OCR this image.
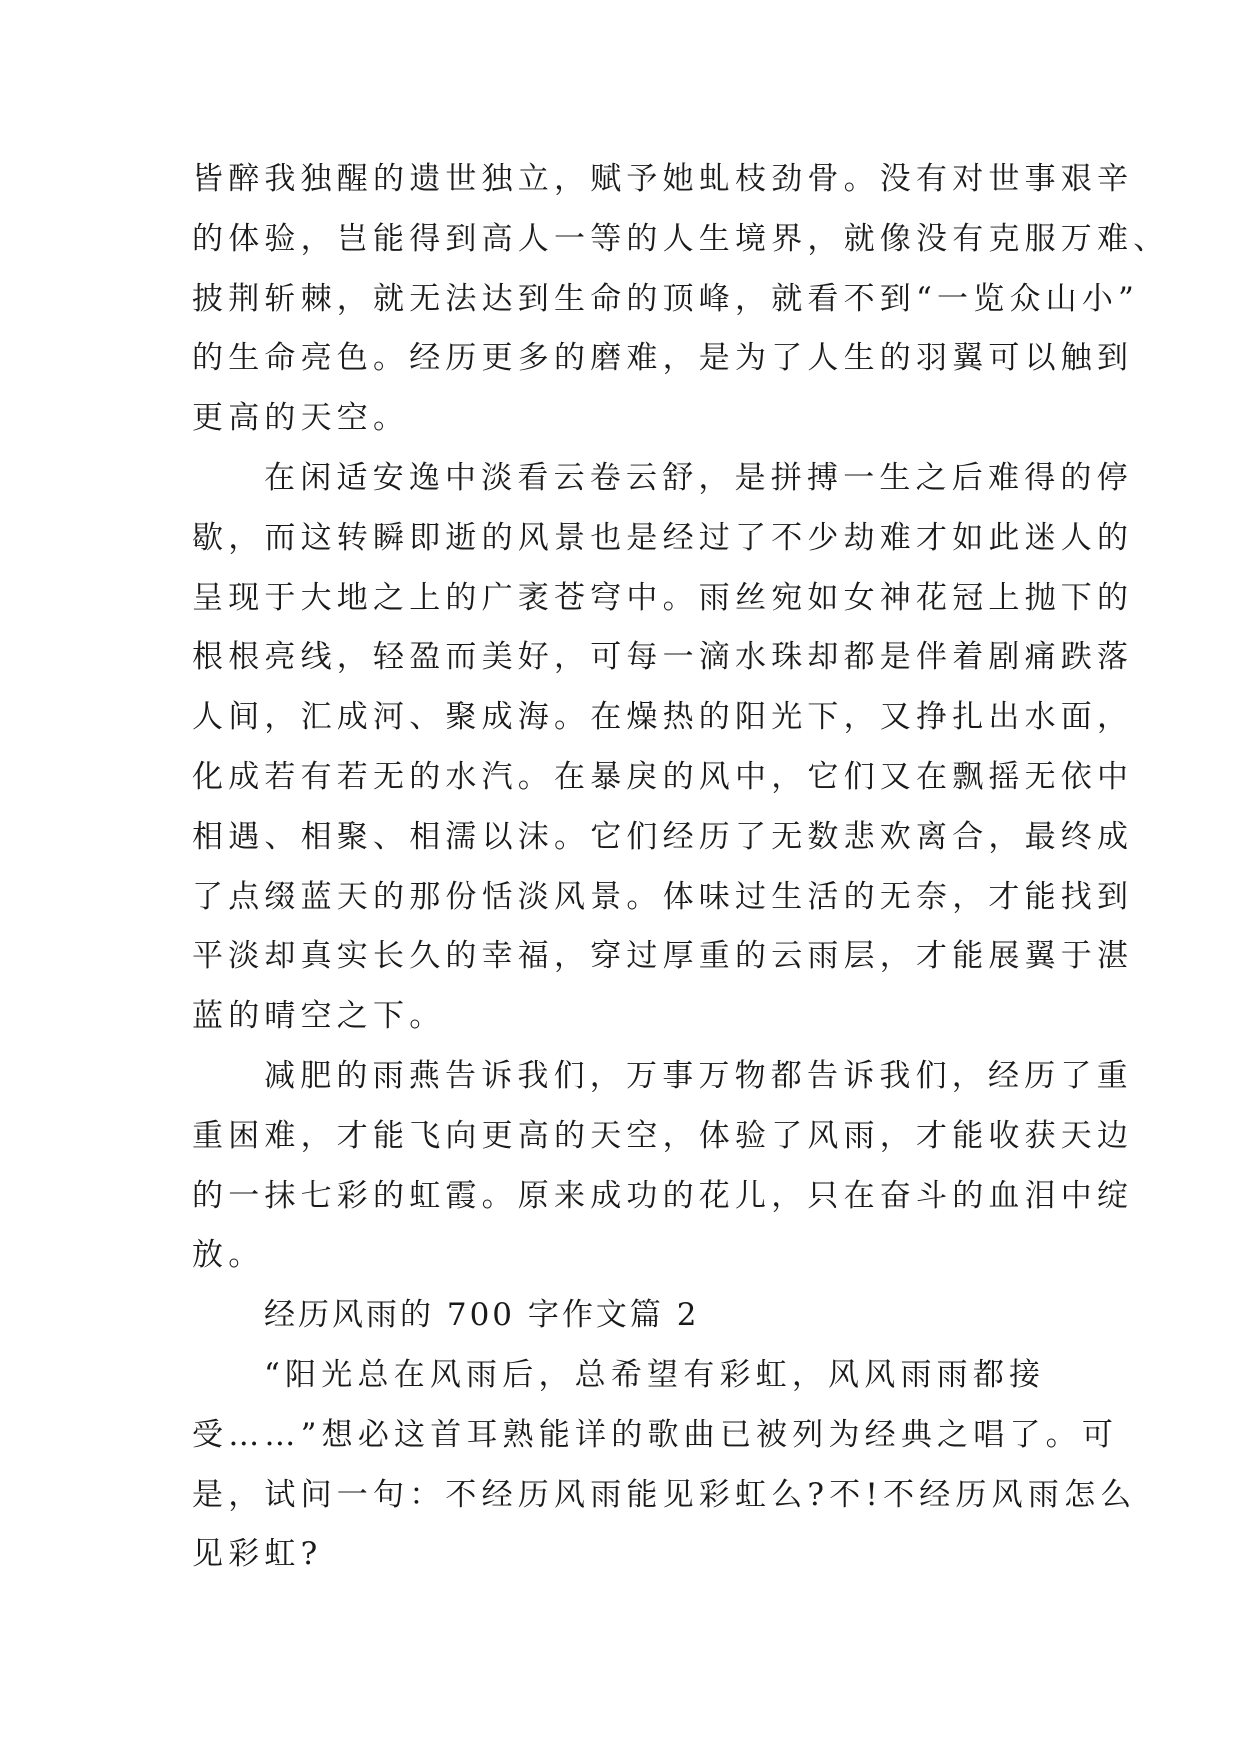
皆醉我独醒的遗世独立，赋予她虬枝劲骨。没有对世事艰辛
的体验，岂能得到高人一等的人生境界，就像没有克服万难、
披荆斩棘，就无法达到生命的顶峰，就看不到“一览众山小”
的生命亮色。经历更多的磨难，是为了人生的羽翼可以触到
更高的天空。
在闲适安逸中淡看云卷云舒，是拼搏一生之后难得的停
歇，而这转瞬即逝的风景也是经过了不少劫难才如此迷人的
呈现于大地之上的广袤苍穹中。雨丝宛如女神花冠上抛下的
根根亮线，轻盈而美好，可每一滴水珠却都是伴着剧痛跌落
人间，汇成河、聚成海。在燥热的阳光下，又挣扎出水面，
化成若有若无的水汽。在暴戾的风中，它们又在飘摇无依中
相遇、相聚、相濡以沫。它们经历了无数悲欢离合，最终成
了点缀蓝天的那份恬淡风景。体味过生活的无奈，才能找到
平淡却真实长久的幸福，穿过厚重的云雨层，才能展翼于湛
蓝的晴空之下。
减肥的雨燕告诉我们，万事万物都告诉我们，经历了重
重困难，才能飞向更高的天空，体验了风雨，才能收获天边
的一抹七彩的虹霞。原来成功的花儿，只在奋斗的血泪中绽
放。
经历风雨的 700 字作文篇 2
“阳光总在风雨后，总希望有彩虹，风风雨雨都接
受……”想必这首耳熟能详的歌曲已被列为经典之唱了。可
是，试问一句：不经历风雨能见彩虹么?不!不经历风雨怎么
见彩虹?
